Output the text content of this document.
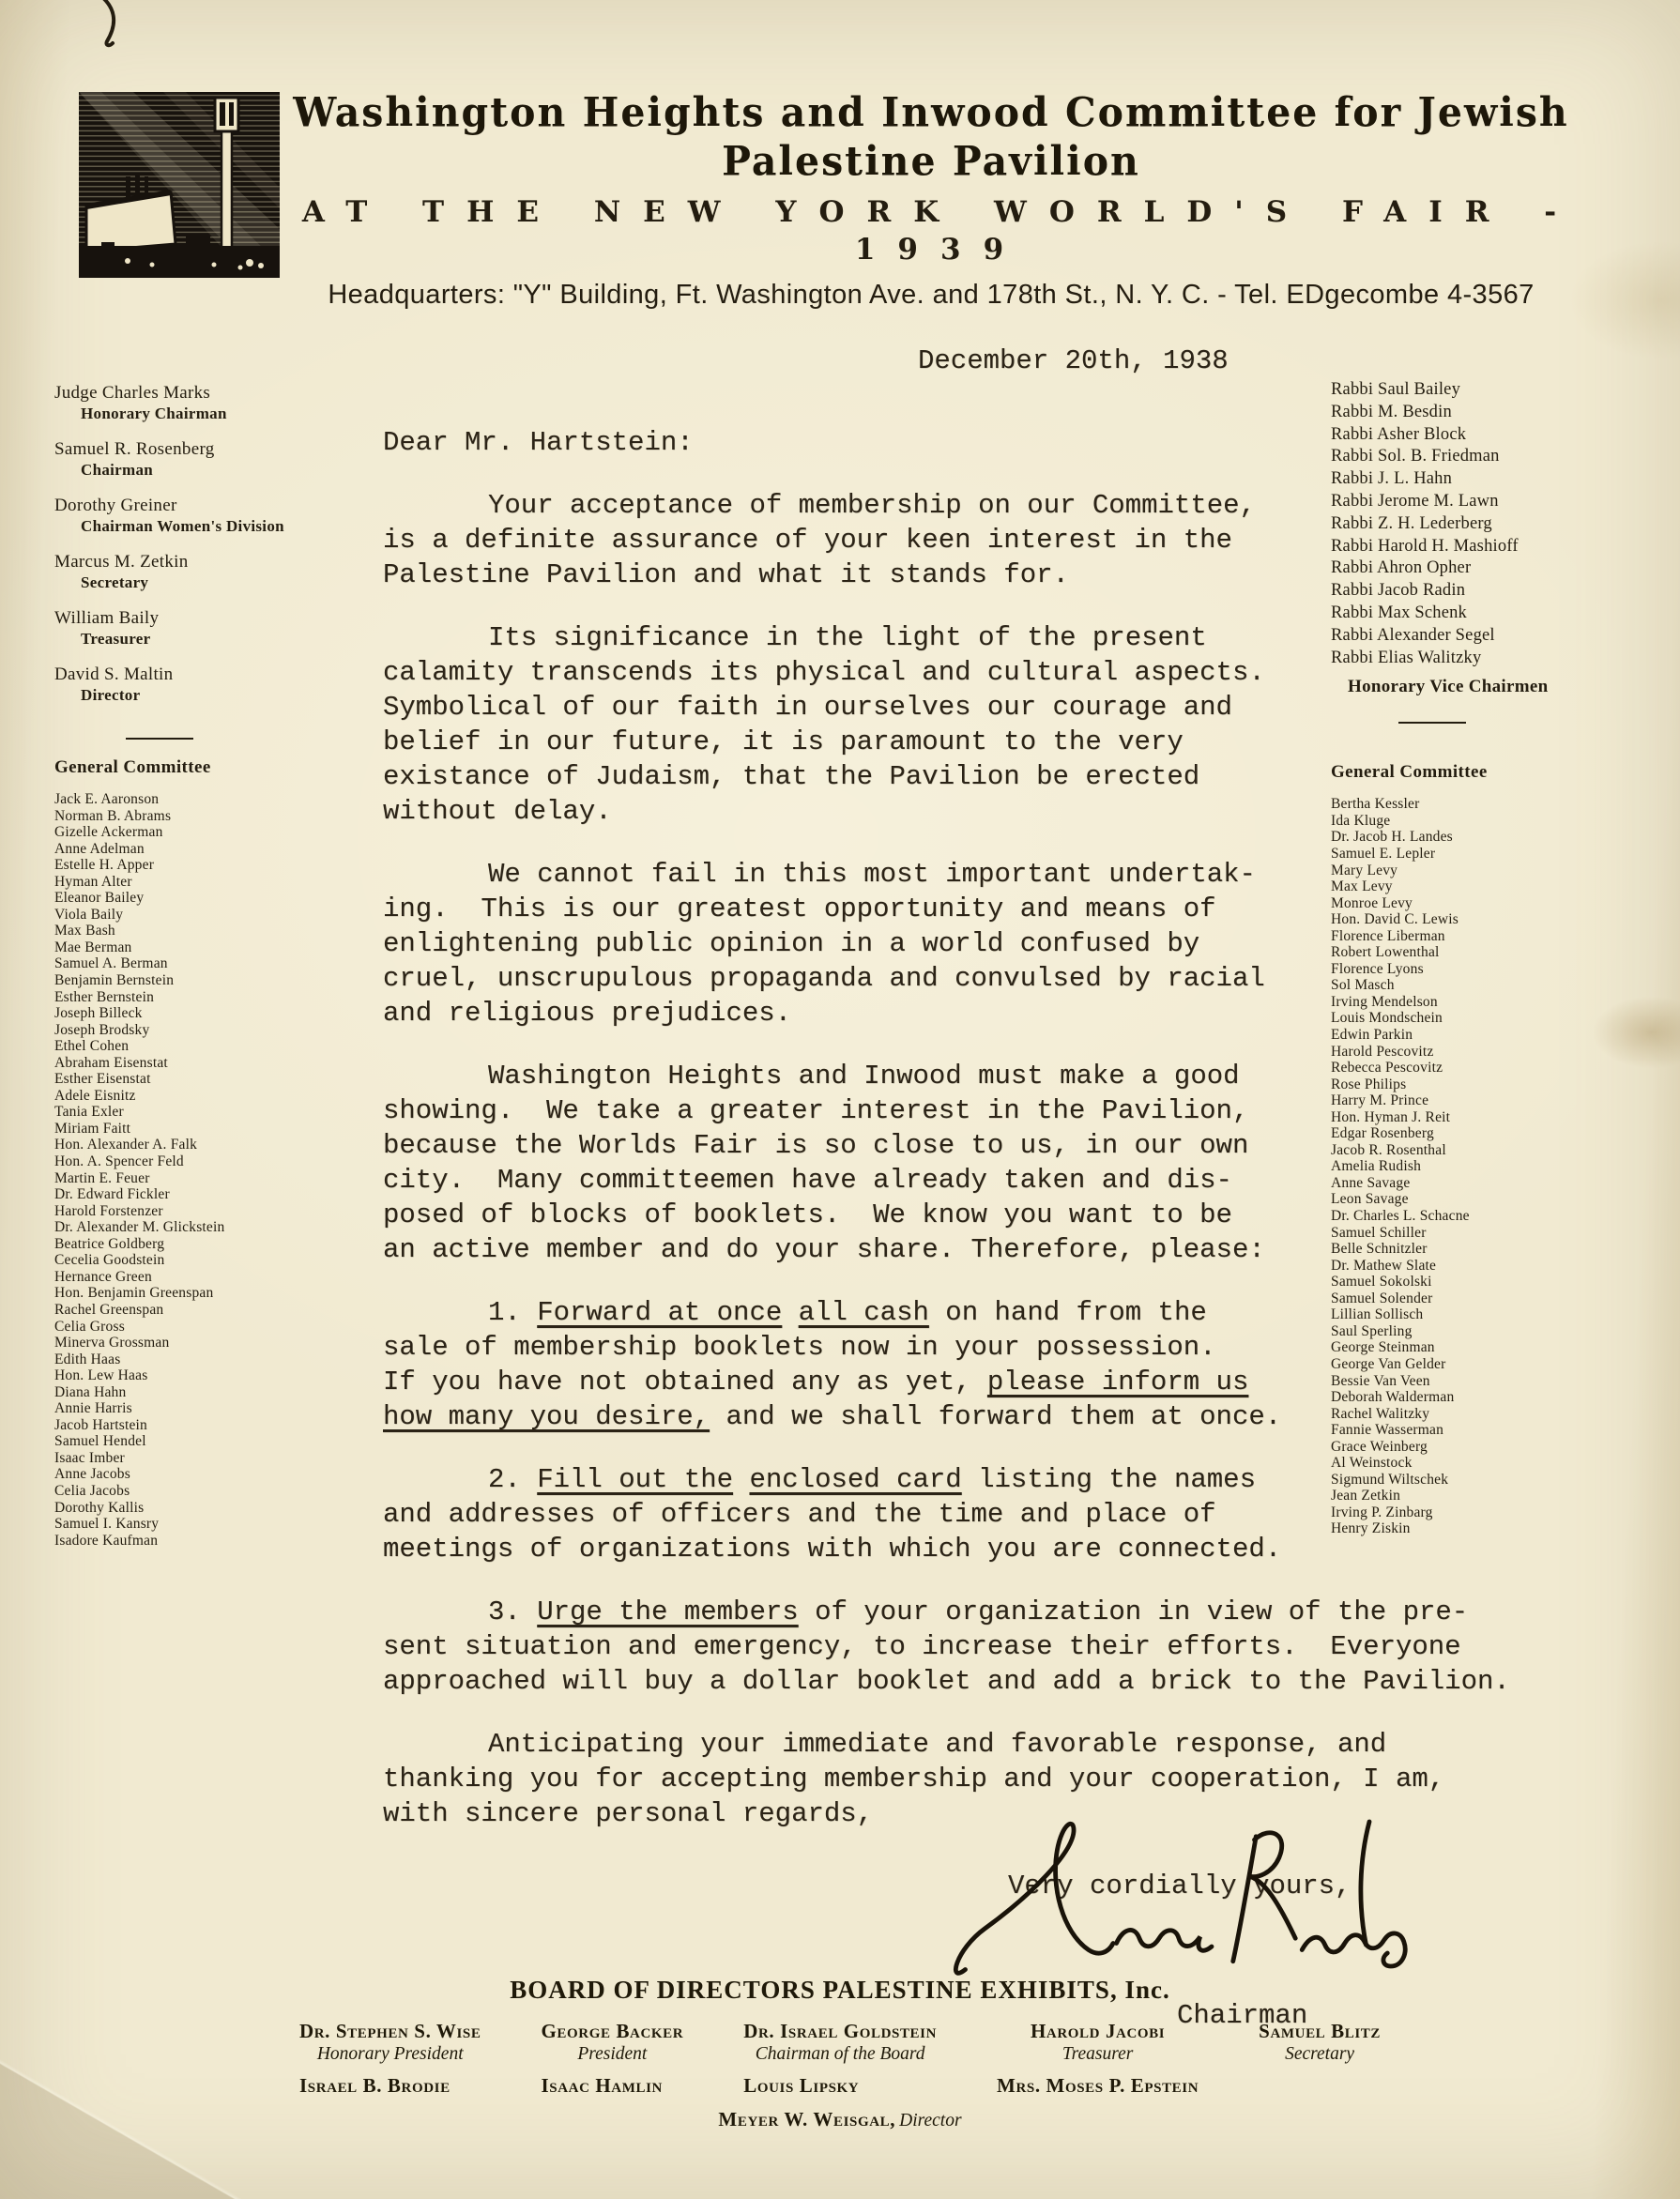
Washington Heights and Inwood Committee for Jewish Palestine Pavilion
AT THE NEW YORK WORLD'S FAIR - 1939
Headquarters: "Y" Building, Ft. Washington Ave. and 178th St., N. Y. C. - Tel. EDgecombe 4-3567
Judge Charles Marks
Honorary Chairman
Samuel R. Rosenberg
Chairman
Dorothy Greiner
Chairman Women's Division
Marcus M. Zetkin
Secretary
William Baily
Treasurer
David S. Maltin
Director
General Committee
Jack E. Aaronson
Norman B. Abrams
Gizelle Ackerman
Anne Adelman
Estelle H. Apper
Hyman Alter
Eleanor Bailey
Viola Baily
Max Bash
Mae Berman
Samuel A. Berman
Benjamin Bernstein
Esther Bernstein
Joseph Billeck
Joseph Brodsky
Ethel Cohen
Abraham Eisenstat
Esther Eisenstat
Adele Eisnitz
Tania Exler
Miriam Faitt
Hon. Alexander A. Falk
Hon. A. Spencer Feld
Martin E. Feuer
Dr. Edward Fickler
Harold Forstenzer
Dr. Alexander M. Glickstein
Beatrice Goldberg
Cecelia Goodstein
Hernance Green
Hon. Benjamin Greenspan
Rachel Greenspan
Celia Gross
Minerva Grossman
Edith Haas
Hon. Lew Haas
Diana Hahn
Annie Harris
Jacob Hartstein
Samuel Hendel
Isaac Imber
Anne Jacobs
Celia Jacobs
Dorothy Kallis
Samuel I. Kansry
Isadore Kaufman
Rabbi Saul Bailey
Rabbi M. Besdin
Rabbi Asher Block
Rabbi Sol. B. Friedman
Rabbi J. L. Hahn
Rabbi Jerome M. Lawn
Rabbi Z. H. Lederberg
Rabbi Harold H. Mashioff
Rabbi Ahron Opher
Rabbi Jacob Radin
Rabbi Max Schenk
Rabbi Alexander Segel
Rabbi Elias Walitzky
Honorary Vice Chairmen
General Committee
Bertha Kessler
Ida Kluge
Dr. Jacob H. Landes
Samuel E. Lepler
Mary Levy
Max Levy
Monroe Levy
Hon. David C. Lewis
Florence Liberman
Robert Lowenthal
Florence Lyons
Sol Masch
Irving Mendelson
Louis Mondschein
Edwin Parkin
Harold Pescovitz
Rebecca Pescovitz
Rose Philips
Harry M. Prince
Hon. Hyman J. Reit
Edgar Rosenberg
Jacob R. Rosenthal
Amelia Rudish
Anne Savage
Leon Savage
Dr. Charles L. Schacne
Samuel Schiller
Belle Schnitzler
Dr. Mathew Slate
Samuel Sokolski
Samuel Solender
Lillian Sollisch
Saul Sperling
George Steinman
George Van Gelder
Bessie Van Veen
Deborah Walderman
Rachel Walitzky
Fannie Wasserman
Grace Weinberg
Al Weinstock
Sigmund Wiltschek
Jean Zetkin
Irving P. Zinbarg
Henry Ziskin
December 20th, 1938
Dear Mr. Hartstein:
Your acceptance of membership on our Committee,
is a definite assurance of your keen interest in the
Palestine Pavilion and what it stands for.
Its significance in the light of the present
calamity transcends its physical and cultural aspects.
Symbolical of our faith in ourselves our courage and
belief in our future, it is paramount to the very
existance of Judaism, that the Pavilion be erected
without delay.
We cannot fail in this most important undertak-
ing.  This is our greatest opportunity and means of
enlightening public opinion in a world confused by
cruel, unscrupulous propaganda and convulsed by racial
and religious prejudices.
Washington Heights and Inwood must make a good
showing.  We take a greater interest in the Pavilion,
because the Worlds Fair is so close to us, in our own
city.  Many committeemen have already taken and dis-
posed of blocks of booklets.  We know you want to be
an active member and do your share. Therefore, please:
1. Forward at once all cash on hand from the
sale of membership booklets now in your possession.
If you have not obtained any as yet, please inform us
how many you desire, and we shall forward them at once.
2. Fill out the enclosed card listing the names
and addresses of officers and the time and place of
meetings of organizations with which you are connected.
3. Urge the members of your organization in view of the pre-
sent situation and emergency, to increase their efforts.  Everyone
approached will buy a dollar booklet and add a brick to the Pavilion.
Anticipating your immediate and favorable response, and
thanking you for accepting membership and your cooperation, I am,
with sincere personal regards,
Very cordially yours,
Chairman
BOARD OF DIRECTORS PALESTINE EXHIBITS, Inc.
Dr. Stephen S. Wise
Honorary President
George Backer
President
Dr. Israel Goldstein
Chairman of the Board
Harold Jacobi
Treasurer
Samuel Blitz
Secretary
Israel B. Brodie	Isaac Hamlin	Louis Lipsky	Mrs. Moses P. Epstein
Meyer W. Weisgal, Director
